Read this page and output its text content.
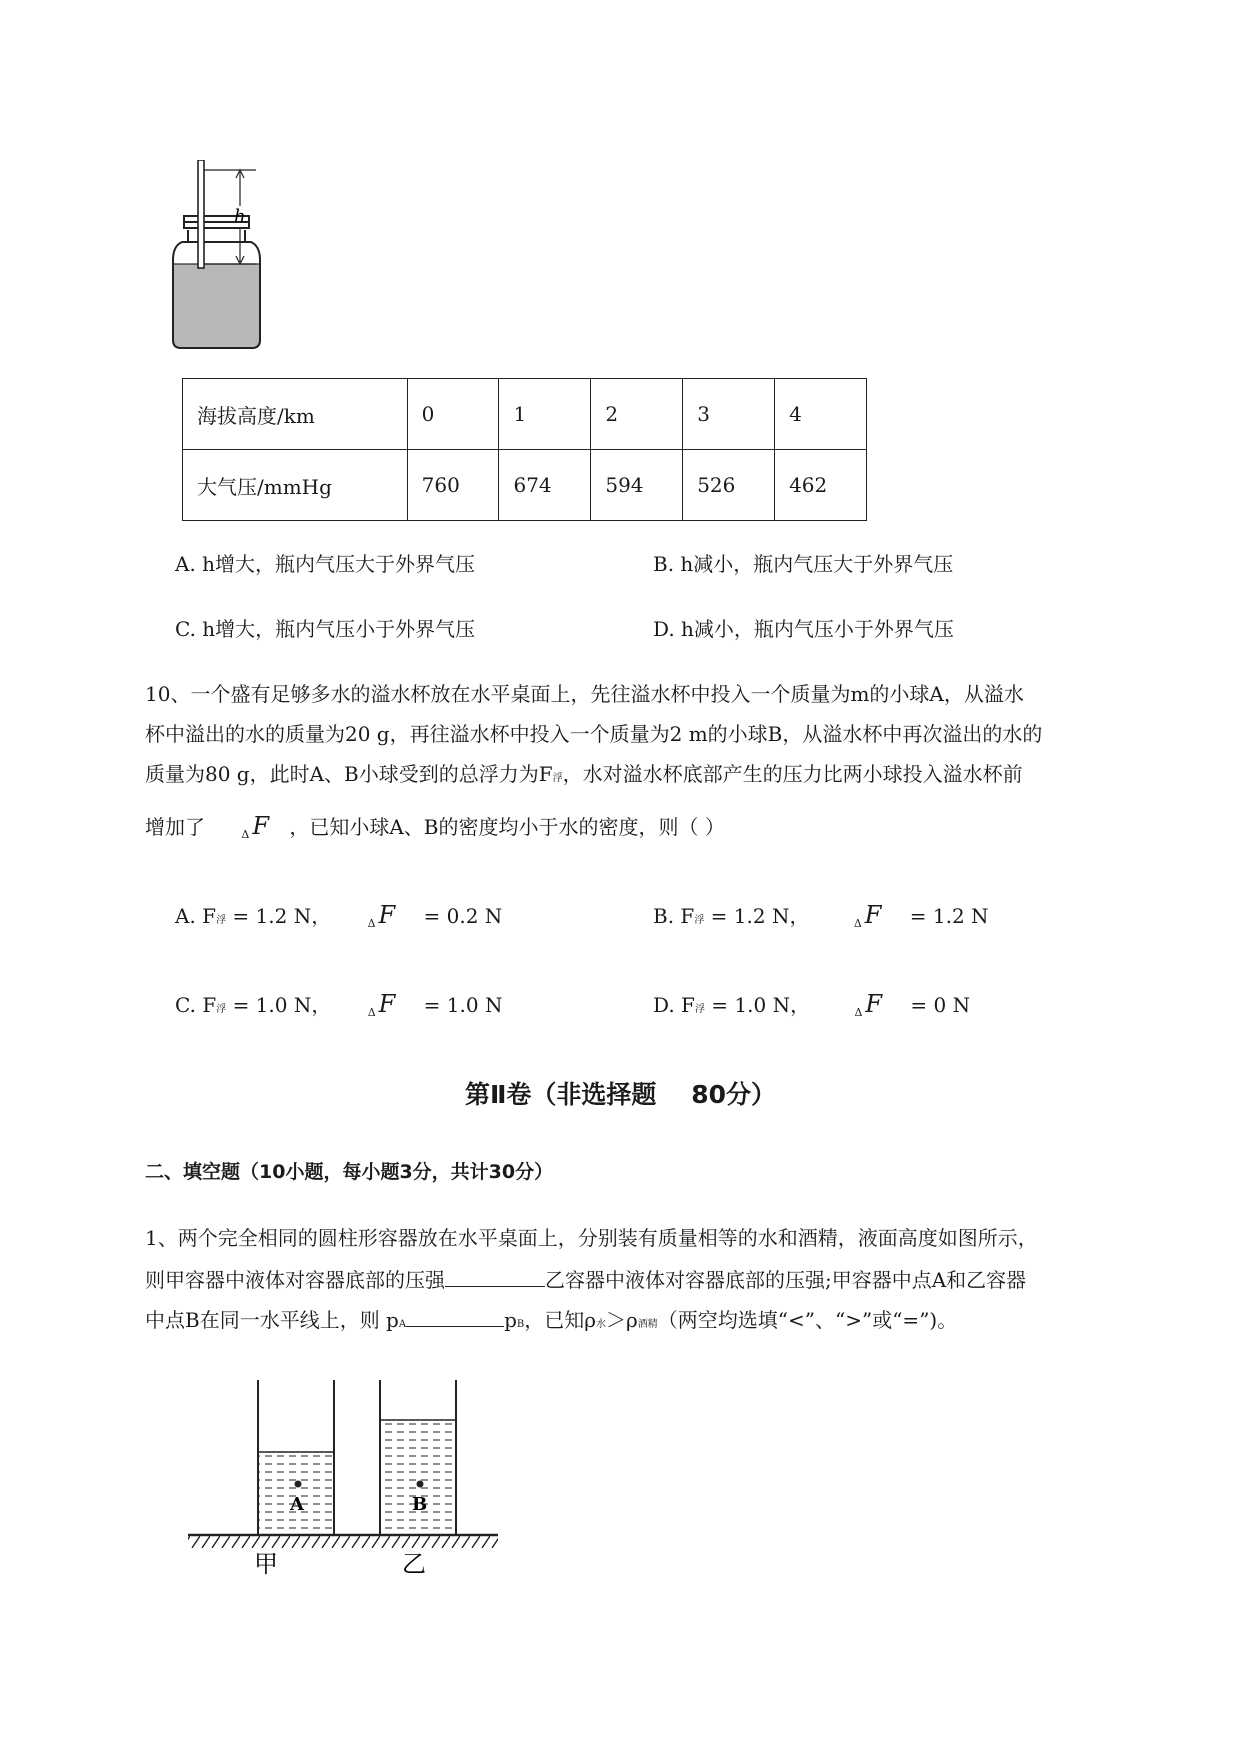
h
海拔高度/km	0	1	2	3	4
大气压/mmHg	760	674	594	526	462
A. h增大，瓶内气压大于外界气压	B. h减小，瓶内气压大于外界气压
C. h增大，瓶内气压小于外界气压	D. h减小，瓶内气压小于外界气压
10、一个盛有足够多水的溢水杯放在水平桌面上，先往溢水杯中投入一个质量为m的小球A，从溢水
杯中溢出的水的质量为20 g，再往溢水杯中投入一个质量为2 m的小球B，从溢水杯中再次溢出的水的
质量为80 g，此时A、B小球受到的总浮力为F浮，水对溢水杯底部产生的压力比两小球投入溢水杯前
增加了	$_\Delta$ F ，已知小球A、B的密度均小于水的密度，则（ ）
A. F浮 = 1.2 N，	$_\Delta$ F = 0.2 N	B. F浮 = 1.2 N，	$_\Delta$ F = 1.2 N
C. F浮 = 1.0 N，	$_\Delta$ F = 1.0 N	D. F浮 = 1.0 N，	$_\Delta$ F = 0 N
第Ⅱ卷（非选择题    80分）
二、填空题（10小题，每小题3分，共计30分）
1、两个完全相同的圆柱形容器放在水平桌面上，分别装有质量相等的水和酒精，液面高度如图所示，
则甲容器中液体对容器底部的压强	乙容器中液体对容器底部的压强;甲容器中点A和乙容器
中点B在同一水平线上，则 pA	pB，已知ρ水＞ρ酒精（两空均选填“<”、“>”或“=”)。
A	B
甲	乙
